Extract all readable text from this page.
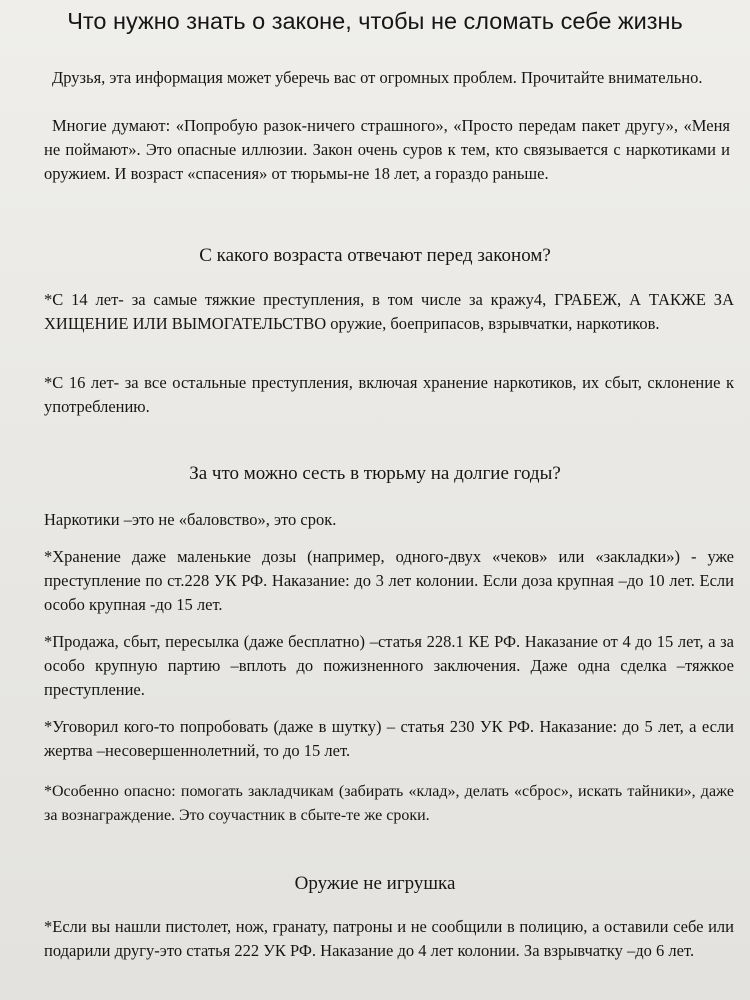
Что нужно знать о законе, чтобы не сломать себе жизнь

Друзья, эта информация может уберечь вас от огромных проблем. Прочитайте внимательно.

Многие думают: «Попробую разок-ничего страшного», «Просто передам пакет другу», «Меня не поймают». Это опасные иллюзии. Закон очень суров к тем, кто связывается с наркотиками и оружием. И возраст «спасения» от тюрьмы-не 18 лет, а гораздо раньше.

С какого возраста отвечают перед законом?

*С 14 лет- за самые тяжкие преступления, в том числе за кражу4, ГРАБЕЖ, А ТАКЖЕ ЗА ХИЩЕНИЕ ИЛИ ВЫМОГАТЕЛЬСТВО оружие, боеприпасов, взрывчатки, наркотиков.

*С 16 лет- за все остальные преступления, включая хранение наркотиков, их сбыт, склонение к употреблению.

За что можно сесть в тюрьму на долгие годы?

Наркотики –это не «баловство», это срок.

*Хранение даже маленькие дозы (например, одного-двух «чеков» или «закладки») - уже преступление по ст.228 УК РФ. Наказание: до 3 лет колонии. Если доза крупная –до 10 лет. Если особо крупная -до 15 лет.

*Продажа, сбыт, пересылка (даже бесплатно) –статья 228.1 КЕ РФ. Наказание от 4 до 15 лет, а за особо крупную партию –вплоть до пожизненного заключения. Даже одна сделка –тяжкое преступление.

*Уговорил кого-то попробовать (даже в шутку) – статья 230 УК РФ. Наказание: до 5 лет, а если жертва –несовершеннолетний, то до 15 лет.

*Особенно опасно: помогать закладчикам (забирать «клад», делать «сброс», искать тайники», даже за вознаграждение. Это соучастник в сбыте-те же сроки.

Оружие не игрушка

*Если вы нашли пистолет, нож, гранату, патроны и не сообщили в полицию, а оставили себе или подарили другу-это статья 222 УК РФ. Наказание до 4 лет колонии. За взрывчатку –до 6 лет.
